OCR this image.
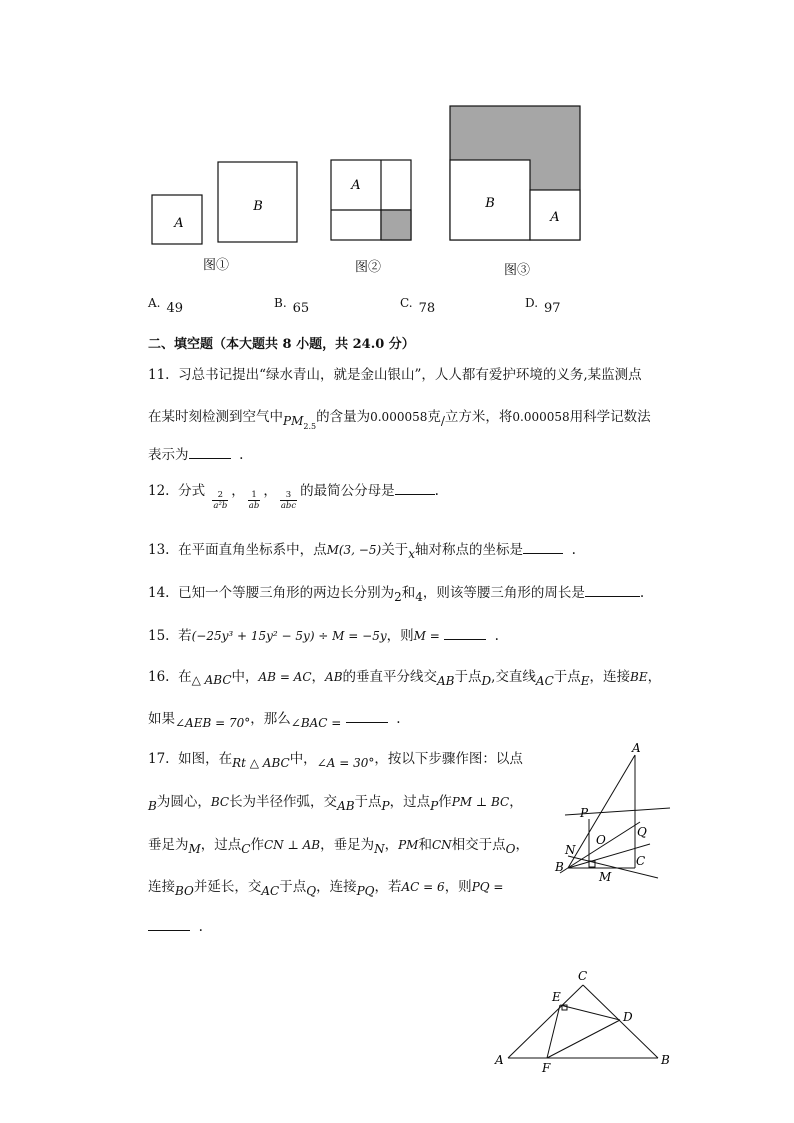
A
B
A
B
A
图①	图②	图③
A. $_{49}$	B. $_{65}$	C. $_{78}$	D. $_{97}$
二、填空题（本大题共 8 小题，共 24.0 分）
11. 习总书记提出“绿水青山，就是金山银山”，人人都有爱护环境的义务,某监测点
在某时刻检测到空气中$PM_{2.5}$的含量为0.000058克/立方米，将0.000058用科学记数法
表示为	.
12. 分式 $\frac{2}{\text{a²b}}$ ， $\frac{1}{ab}$ ， $\frac{3}{\text{abc}}$ 的最简公分母是	.
13. 在平面直角坐标系中，点M(3, −5)关于x轴对称点的坐标是	.
14. 已知一个等腰三角形的两边长分别为2和4，则该等腰三角形的周长是	.
15. 若(−25y³ + 15y² − 5y) ÷ M = −5y，则M =	.
16. 在△ ABC中，AB = AC，AB的垂直平分线交AB于点D,交直线AC于点E，连接BE，
如果∠AEB = 70°，那么∠BAC =	.
17. 如图，在Rt △ ABC中，∠A = 30°，按以下步骤作图：以点
B为圆心，BC长为半径作弧，交AB于点P，过点P作PM ⊥ BC，
垂足为M，过点C作CN ⊥ AB，垂足为N，PM和CN相交于点O，
连接BO并延长，交AC于点Q，连接PQ，若AC = 6，则PQ =
.
A
P
Q
O
N
B
M
C
C
E
D
A
F
B
